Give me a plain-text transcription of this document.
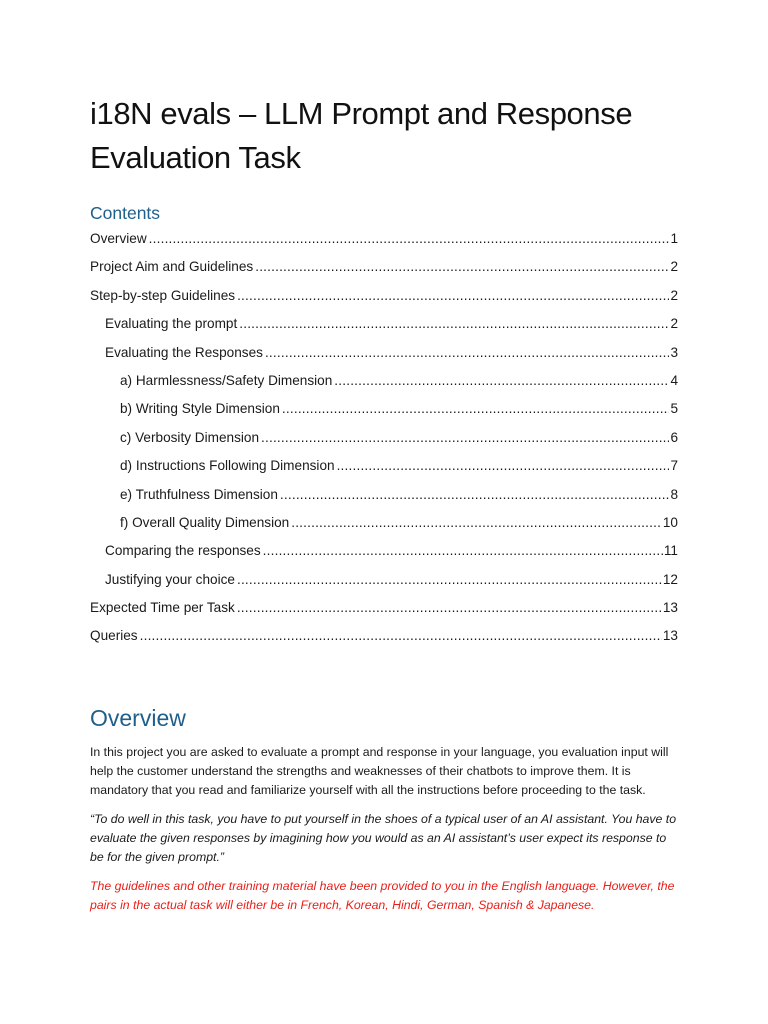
i18N evals – LLM Prompt and Response
Evaluation Task
Contents
Overview .....	1
Project Aim and Guidelines .....	2
Step-by-step Guidelines .....	2
Evaluating the prompt .....	2
Evaluating the Responses .....	3
a) Harmlessness/Safety Dimension .....	4
b) Writing Style Dimension .....	5
c) Verbosity Dimension .....	6
d) Instructions Following Dimension .....	7
e) Truthfulness Dimension .....	8
f) Overall Quality Dimension .....	10
Comparing the responses .....	11
Justifying your choice .....	12
Expected Time per Task .....	13
Queries .....	13
Overview

In this project you are asked to evaluate a prompt and response in your language, you evaluation input will help the customer understand the strengths and weaknesses of their chatbots to improve them. It is mandatory that you read and familiarize yourself with all the instructions before proceeding to the task.

“To do well in this task, you have to put yourself in the shoes of a typical user of an AI assistant. You have to evaluate the given responses by imagining how you would as an AI assistant’s user expect its response to be for the given prompt.”

The guidelines and other training material have been provided to you in the English language. However, the pairs in the actual task will either be in French, Korean, Hindi, German, Spanish & Japanese.
